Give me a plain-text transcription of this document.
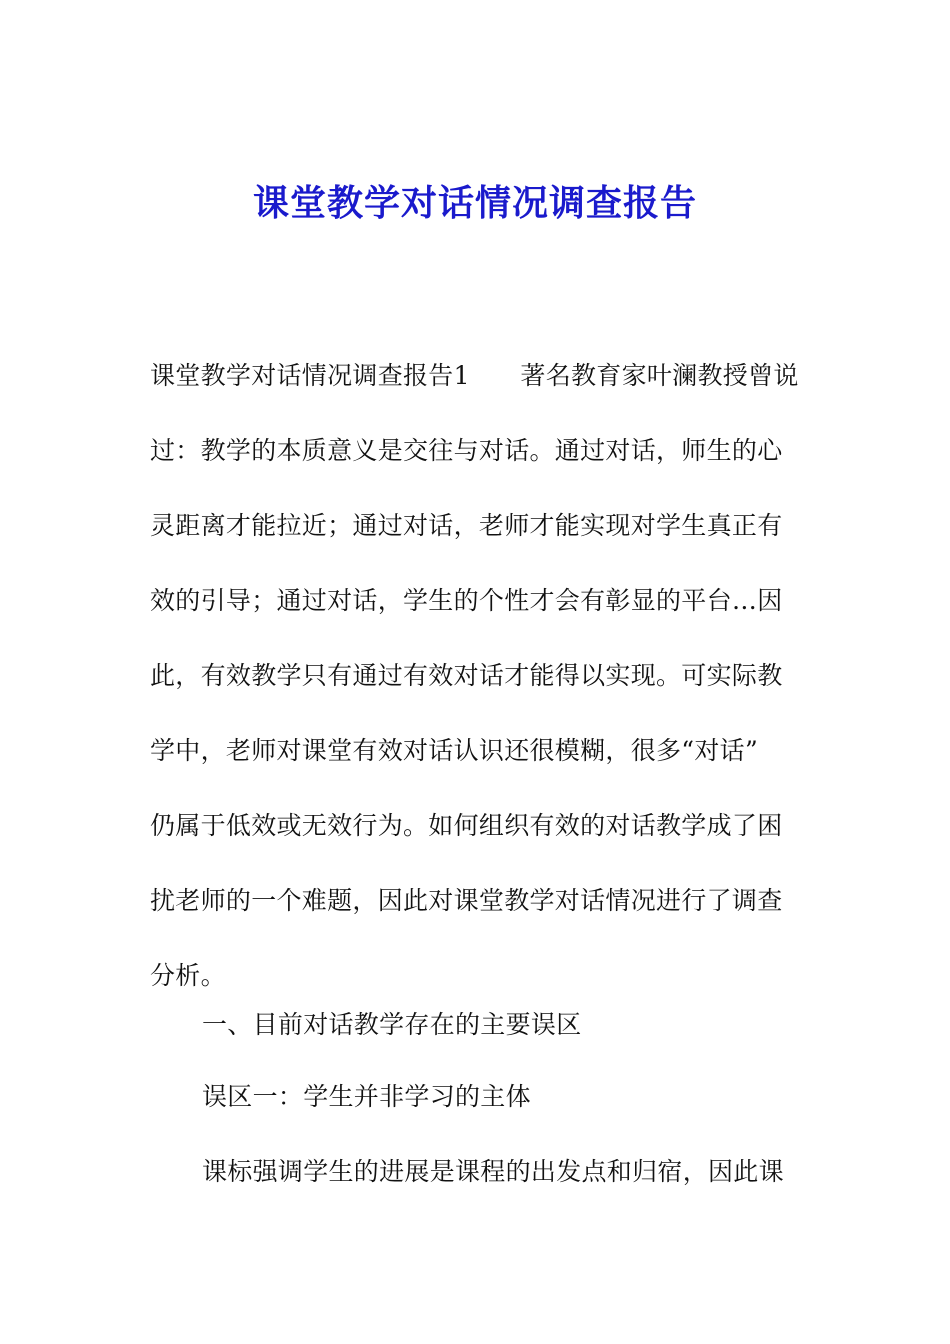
课堂教学对话情况调查报告
课堂教学对话情况调查报告1　　著名教育家叶澜教授曾说
过：教学的本质意义是交往与对话。通过对话，师生的心
灵距离才能拉近；通过对话，老师才能实现对学生真正有
效的引导；通过对话，学生的个性才会有彰显的平台…因
此，有效教学只有通过有效对话才能得以实现。可实际教
学中，老师对课堂有效对话认识还很模糊，很多“对话”
仍属于低效或无效行为。如何组织有效的对话教学成了困
扰老师的一个难题，因此对课堂教学对话情况进行了调查
分析。
一、目前对话教学存在的主要误区
误区一：学生并非学习的主体
课标强调学生的进展是课程的出发点和归宿，因此课
